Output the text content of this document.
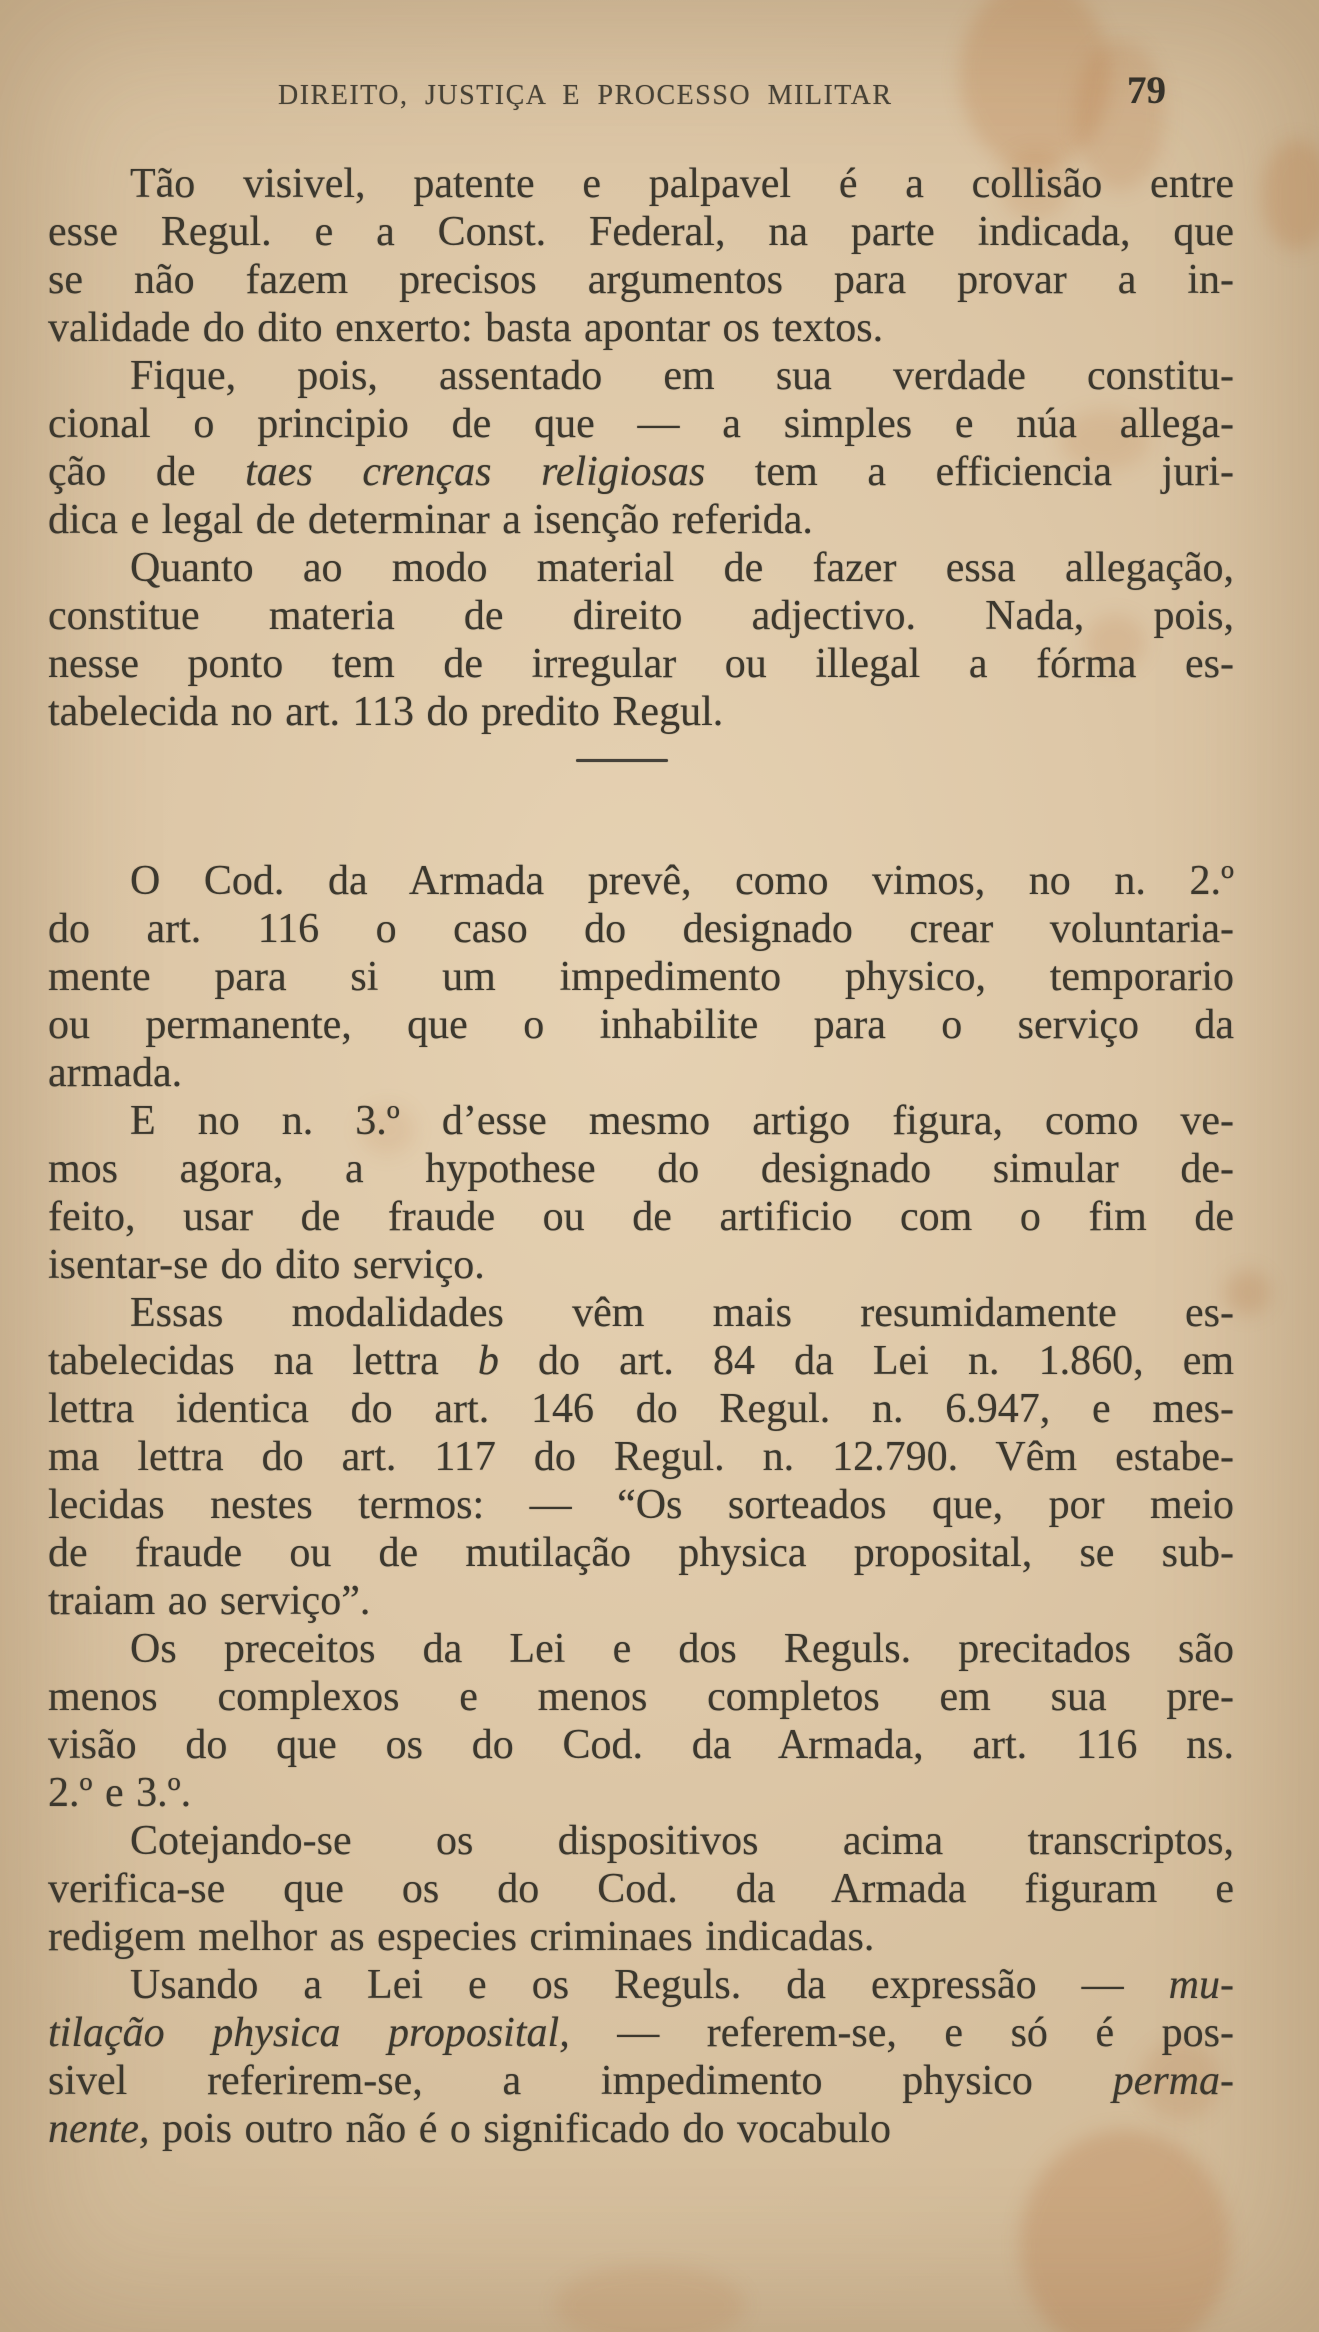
DIREITO, JUSTIÇA E PROCESSO MILITAR	79
Tão visivel, patente e palpavel é a collisão entre
esse Regul. e a Const. Federal, na parte indicada, que
se não fazem precisos argumentos para provar a in-
validade do dito enxerto: basta apontar os textos.
Fique, pois, assentado em sua verdade constitu-
cional o principio de que — a simples e núa allega-
ção de taes crenças religiosas tem a efficiencia juri-
dica e legal de determinar a isenção referida.
Quanto ao modo material de fazer essa allegação,
constitue materia de direito adjectivo. Nada, pois,
nesse ponto tem de irregular ou illegal a fórma es-
tabelecida no art. 113 do predito Regul.
O Cod. da Armada prevê, como vimos, no n. 2.º
do art. 116 o caso do designado crear voluntaria-
mente para si um impedimento physico, temporario
ou permanente, que o inhabilite para o serviço da
armada.
E no n. 3.º d’esse mesmo artigo figura, como ve-
mos agora, a hypothese do designado simular de-
feito, usar de fraude ou de artificio com o fim de
isentar-se do dito serviço.
Essas modalidades vêm mais resumidamente es-
tabelecidas na lettra b do art. 84 da Lei n. 1.860, em
lettra identica do art. 146 do Regul. n. 6.947, e mes-
ma lettra do art. 117 do Regul. n. 12.790. Vêm estabe-
lecidas nestes termos: — “Os sorteados que, por meio
de fraude ou de mutilação physica proposital, se sub-
traiam ao serviço”.
Os preceitos da Lei e dos Reguls. precitados são
menos complexos e menos completos em sua pre-
visão do que os do Cod. da Armada, art. 116 ns.
2.º e 3.º.
Cotejando-se os dispositivos acima transcriptos,
verifica-se que os do Cod. da Armada figuram e
redigem melhor as especies criminaes indicadas.
Usando a Lei e os Reguls. da expressão — mu-
tilação physica proposital, — referem-se, e só é pos-
sivel referirem-se, a impedimento physico perma-
nente, pois outro não é o significado do vocabulo
